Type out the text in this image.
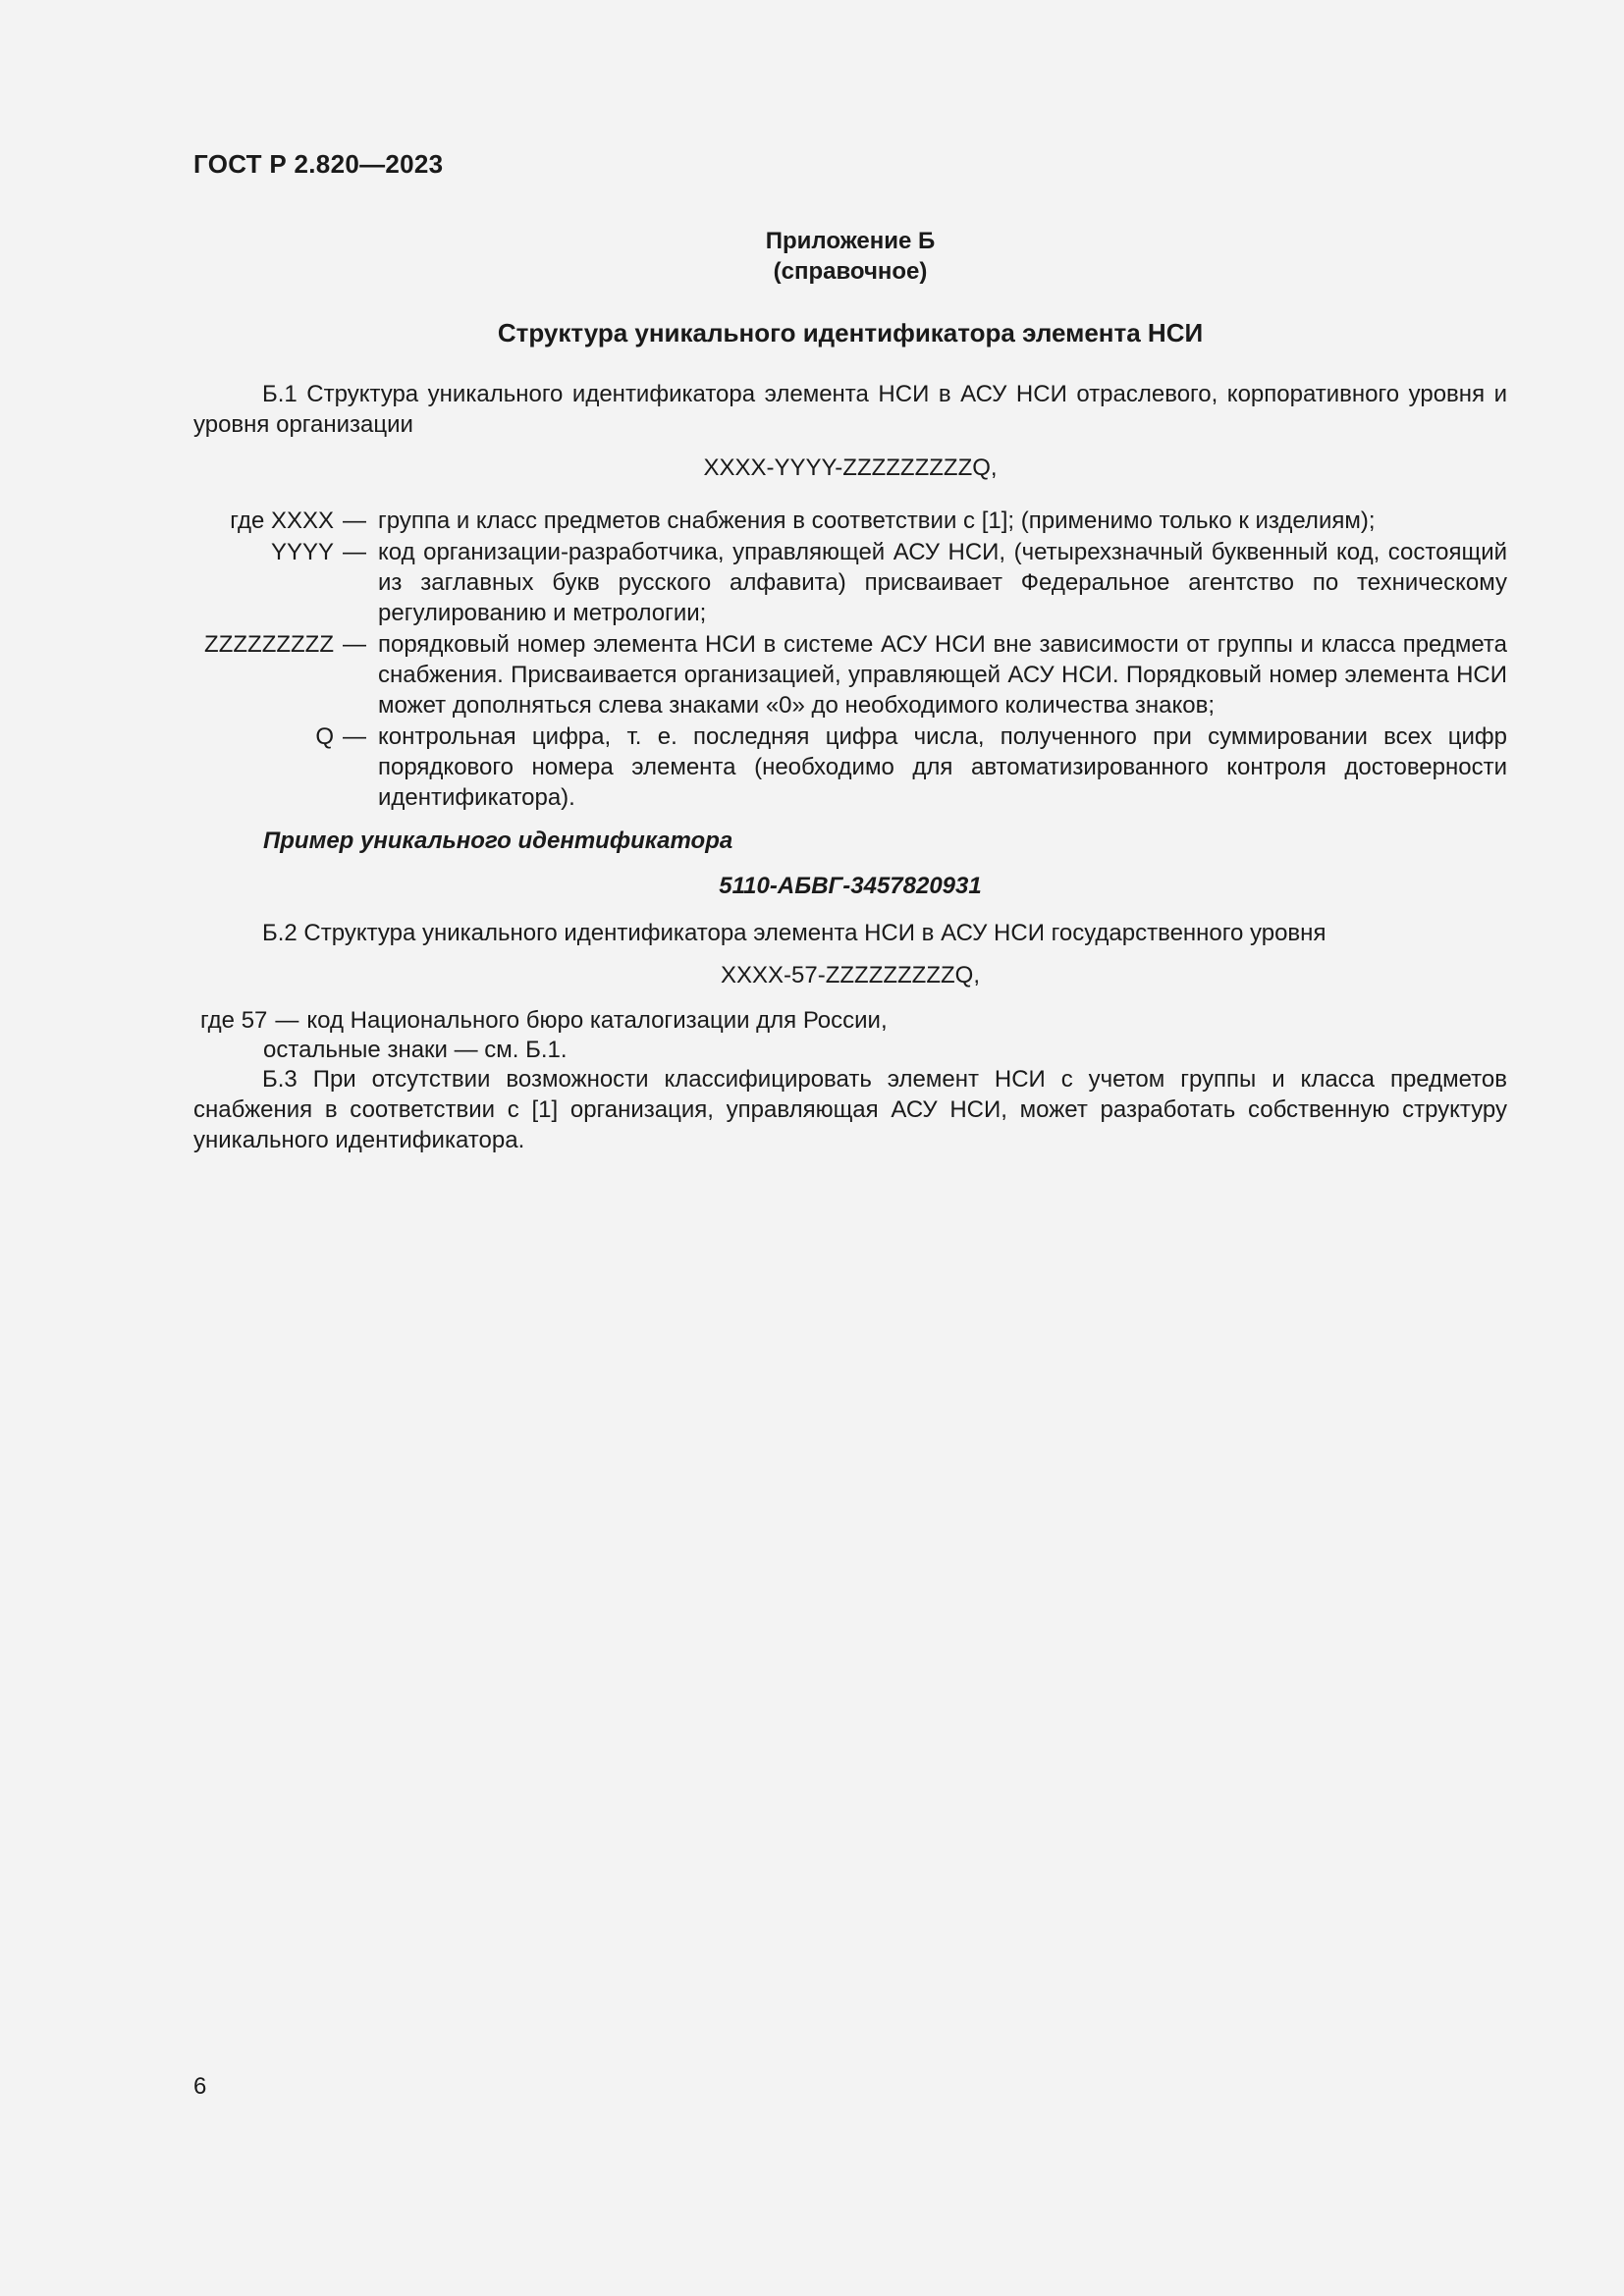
ГОСТ Р 2.820—2023
Приложение Б
(справочное)
Структура уникального идентификатора элемента НСИ
Б.1 Структура уникального идентификатора элемента НСИ в АСУ НСИ отраслевого, корпоративного уровня и уровня организации
XXXX-YYYY-ZZZZZZZZZQ,
где XXXX — группа и класс предметов снабжения в соответствии с [1]; (применимо только к изделиям);
YYYY — код организации-разработчика, управляющей АСУ НСИ, (четырехзначный буквенный код, состоящий из заглавных букв русского алфавита) присваивает Федеральное агентство по техническому регулированию и метрологии;
ZZZZZZZZZ — порядковый номер элемента НСИ в системе АСУ НСИ вне зависимости от группы и класса предмета снабжения. Присваивается организацией, управляющей АСУ НСИ. Порядковый номер элемента НСИ может дополняться слева знаками «0» до необходимого количества знаков;
Q — контрольная цифра, т. е. последняя цифра числа, полученного при суммировании всех цифр порядкового номера элемента (необходимо для автоматизированного контроля достоверности идентификатора).
Пример уникального идентификатора
5110-АБВГ-3457820931
Б.2 Структура уникального идентификатора элемента НСИ в АСУ НСИ государственного уровня
XXXX-57-ZZZZZZZZZQ,
где 57 — код Национального бюро каталогизации для России,
остальные знаки — см. Б.1.
Б.3 При отсутствии возможности классифицировать элемент НСИ с учетом группы и класса предметов снабжения в соответствии с [1] организация, управляющая АСУ НСИ, может разработать собственную структуру уникального идентификатора.
6
